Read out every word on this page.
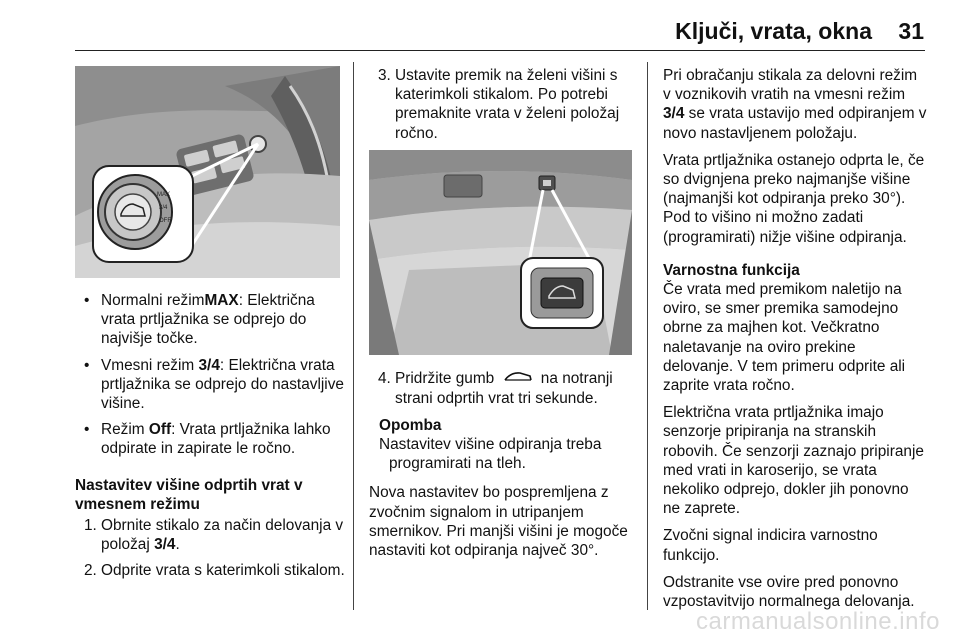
Ključi, vrata, okna 31
MAX
3/4
OFF
• Normalni režimMAX: Električna vrata prtljažnika se odprejo do najvišje točke.
• Vmesni režim 3/4: Električna vrata prtljažnika se odprejo do nastavljive višine.
• Režim Off: Vrata prtljažnika lahko odpirate in zapirate le ročno.
Nastavitev višine odprtih vrat v
vmesnem režimu
1. Obrnite stikalo za način delovanja v položaj 3/4.
2. Odprite vrata s katerimkoli stikalom.
3. Ustavite premik na želeni višini s katerimkoli stikalom. Po potrebi premaknite vrata v želeni položaj ročno.
4. Pridržite gumb	na notranji strani odprtih vrat tri sekunde.
Opomba
Nastavitev višine odpiranja treba
programirati na tleh.

Nova nastavitev bo pospremljena z zvočnim signalom in utripanjem smernikov. Pri manjši višini je mogoče nastaviti kot odpiranja največ 30°.

Pri obračanju stikala za delovni režim v voznikovih vratih na vmesni režim 3/4 se vrata ustavijo med odpiranjem v novo nastavljenem položaju.

Vrata prtljažnika ostanejo odprta le, če so dvignjena preko najmanjše višine (najmanjši kot odpiranja preko 30°). Pod to višino ni možno zadati (programirati) nižje višine odpiranja.

Varnostna funkcija

Če vrata med premikom naletijo na oviro, se smer premika samodejno obrne za majhen kot. Večkratno naletavanje na oviro prekine delovanje. V tem primeru odprite ali zaprite vrata ročno.

Električna vrata prtljažnika imajo senzorje pripiranja na stranskih robovih. Če senzorji zaznajo pripiranje med vrati in karoserijo, se vrata nekoliko odprejo, dokler jih ponovno ne zaprete.

Zvočni signal indicira varnostno funkcijo.

Odstranite vse ovire pred ponovno vzpostavitvijo normalnega delovanja.

carmanualsonline.info
